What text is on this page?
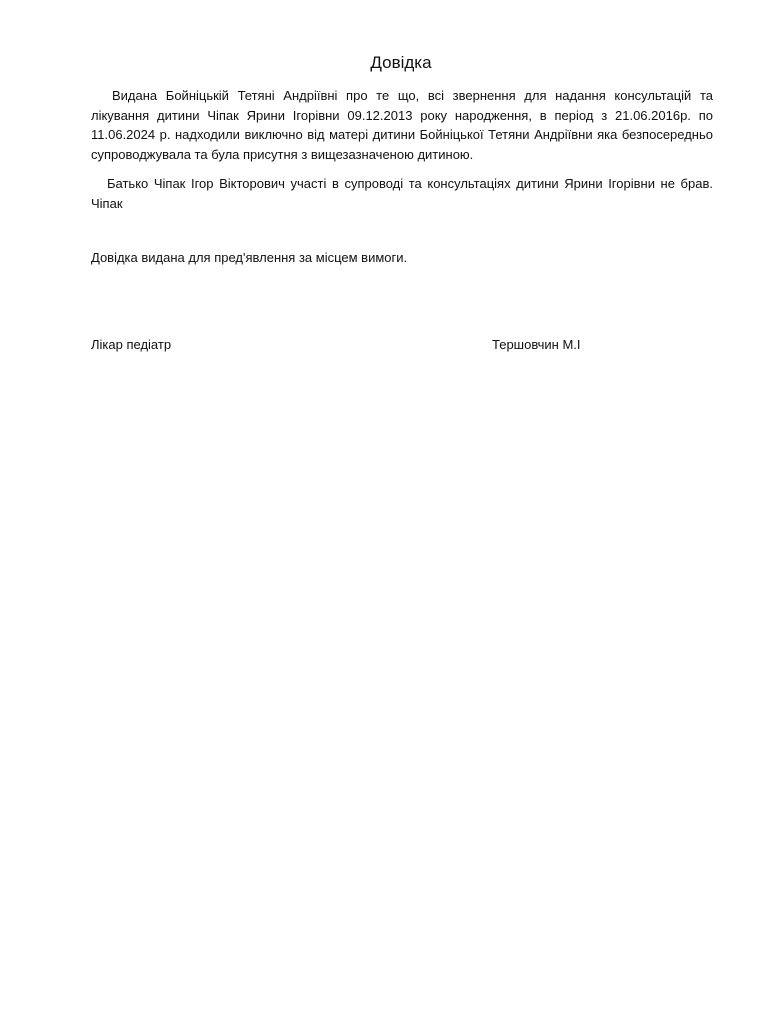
Довідка

Видана Бойніцькій Тетяні Андріївні про те що, всі звернення для надання консультацій та лікування дитини Чіпак Ярини Ігорівни 09.12.2013 року народження, в період з 21.06.2016р. по 11.06.2024 р. надходили виключно від матері дитини Бойніцької Тетяни Андріївни яка безпосередньо супроводжувала та була присутня з вищезазначеною дитиною.

Батько Чіпак Ігор Вікторович участі в супроводі та консультаціях дитини Ярини Ігорівни не брав. Чіпак

Довідка видана для пред'явлення за місцем вимоги.

Лікар педіатр	Тершовчин М.І
